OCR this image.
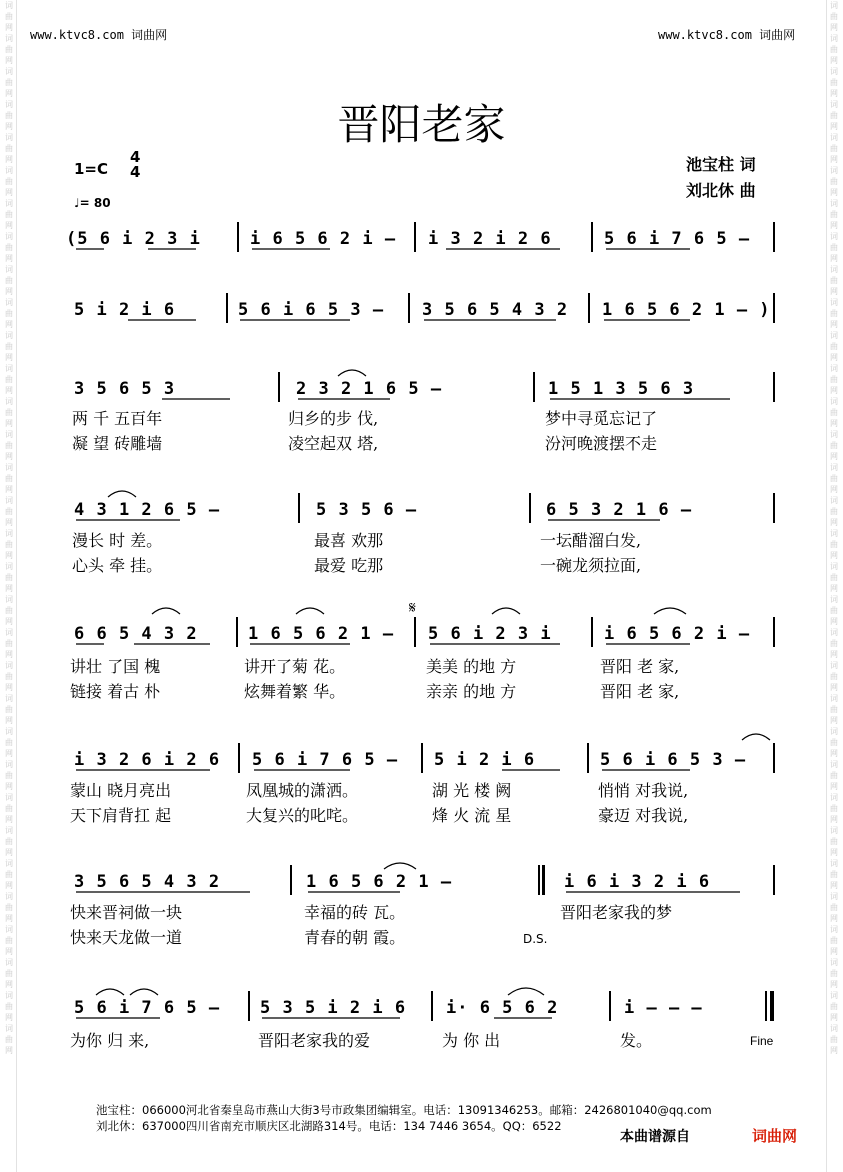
词曲网词曲网词曲网词曲网词曲网词曲网词曲网词曲网词曲网词曲网词曲网词曲网词曲网词曲网词曲网词曲网词曲网词曲网词曲网词曲网词曲网词曲网词曲网词曲网词曲网词曲网词曲网词曲网词曲网词曲网词曲网词曲网
词曲网词曲网词曲网词曲网词曲网词曲网词曲网词曲网词曲网词曲网词曲网词曲网词曲网词曲网词曲网词曲网词曲网词曲网词曲网词曲网词曲网词曲网词曲网词曲网词曲网词曲网词曲网词曲网词曲网词曲网词曲网词曲网
www.ktvc8.com 词曲网	www.ktvc8.com 词曲网
晋阳老家
1=C
4
4
♩= 80
池宝柱 词
刘北休 曲
(5 6 i 2 3 i	i 6 5 6 2 i – i 3 2 i 2 6	5 6 i 7 6 5 –
5 i 2 i 6	5 6 i 6 5 3 – 3 5 6 5 4 3 2 1 6 5 6 2 1 – )
3 5 6 5 3	2 3 2 1 6 5 –	1 5 1 3 5 6 3
两 千 五百年	归乡的步 伐,	梦中寻觅忘记了
凝 望 砖雕墙	凌空起双 塔,	汾河晚渡摆不走
4 3 1 2 6 5 –	5 3 5 6 –	6 5 3 2 1 6 –
漫长 时 差。	最喜 欢那	一坛醋溜白发,
心头 牵 挂。	最爱 吃那	一碗龙须拉面,
𝄋
6 6 5 4 3 2	1 6 5 6 2 1 – 5 6 i 2 3 i	i 6 5 6 2 i –
讲壮 了国 槐	讲开了菊 花。	美美 的地 方	晋阳 老 家,
链接 着古 朴	炫舞着繁 华。	亲亲 的地 方	晋阳 老 家,
i 3 2 6 i 2 6 5 6 i 7 6 5 – 5 i 2 i 6	5 6 i 6 5 3 –
蒙山 晓月亮出	凤凰城的潇洒。	湖 光 楼 阙	悄悄 对我说,
天下肩背扛 起	大复兴的叱咤。	烽 火 流 星	豪迈 对我说,
3 5 6 5 4 3 2	1 6 5 6 2 1 –	i 6 i 3 2 i 6
快来晋祠做一块	幸福的砖 瓦。	晋阳老家我的梦
快来天龙做一道	青春的朝 霞。	D.S.
5 6 i 7 6 5 – 5 3 5 i 2 i 6 i· 6 5 6 2	i – – –
为你 归 来,	晋阳老家我的爱	为 你 出	发。	Fine
池宝柱：066000河北省秦皇岛市燕山大街3号市政集团编辑室。电话：13091346253。邮箱：2426801040@qq.com
刘北休：637000四川省南充市顺庆区北湖路314号。电话：134 7446 3654。QQ：6522
本曲谱源自	词曲网
